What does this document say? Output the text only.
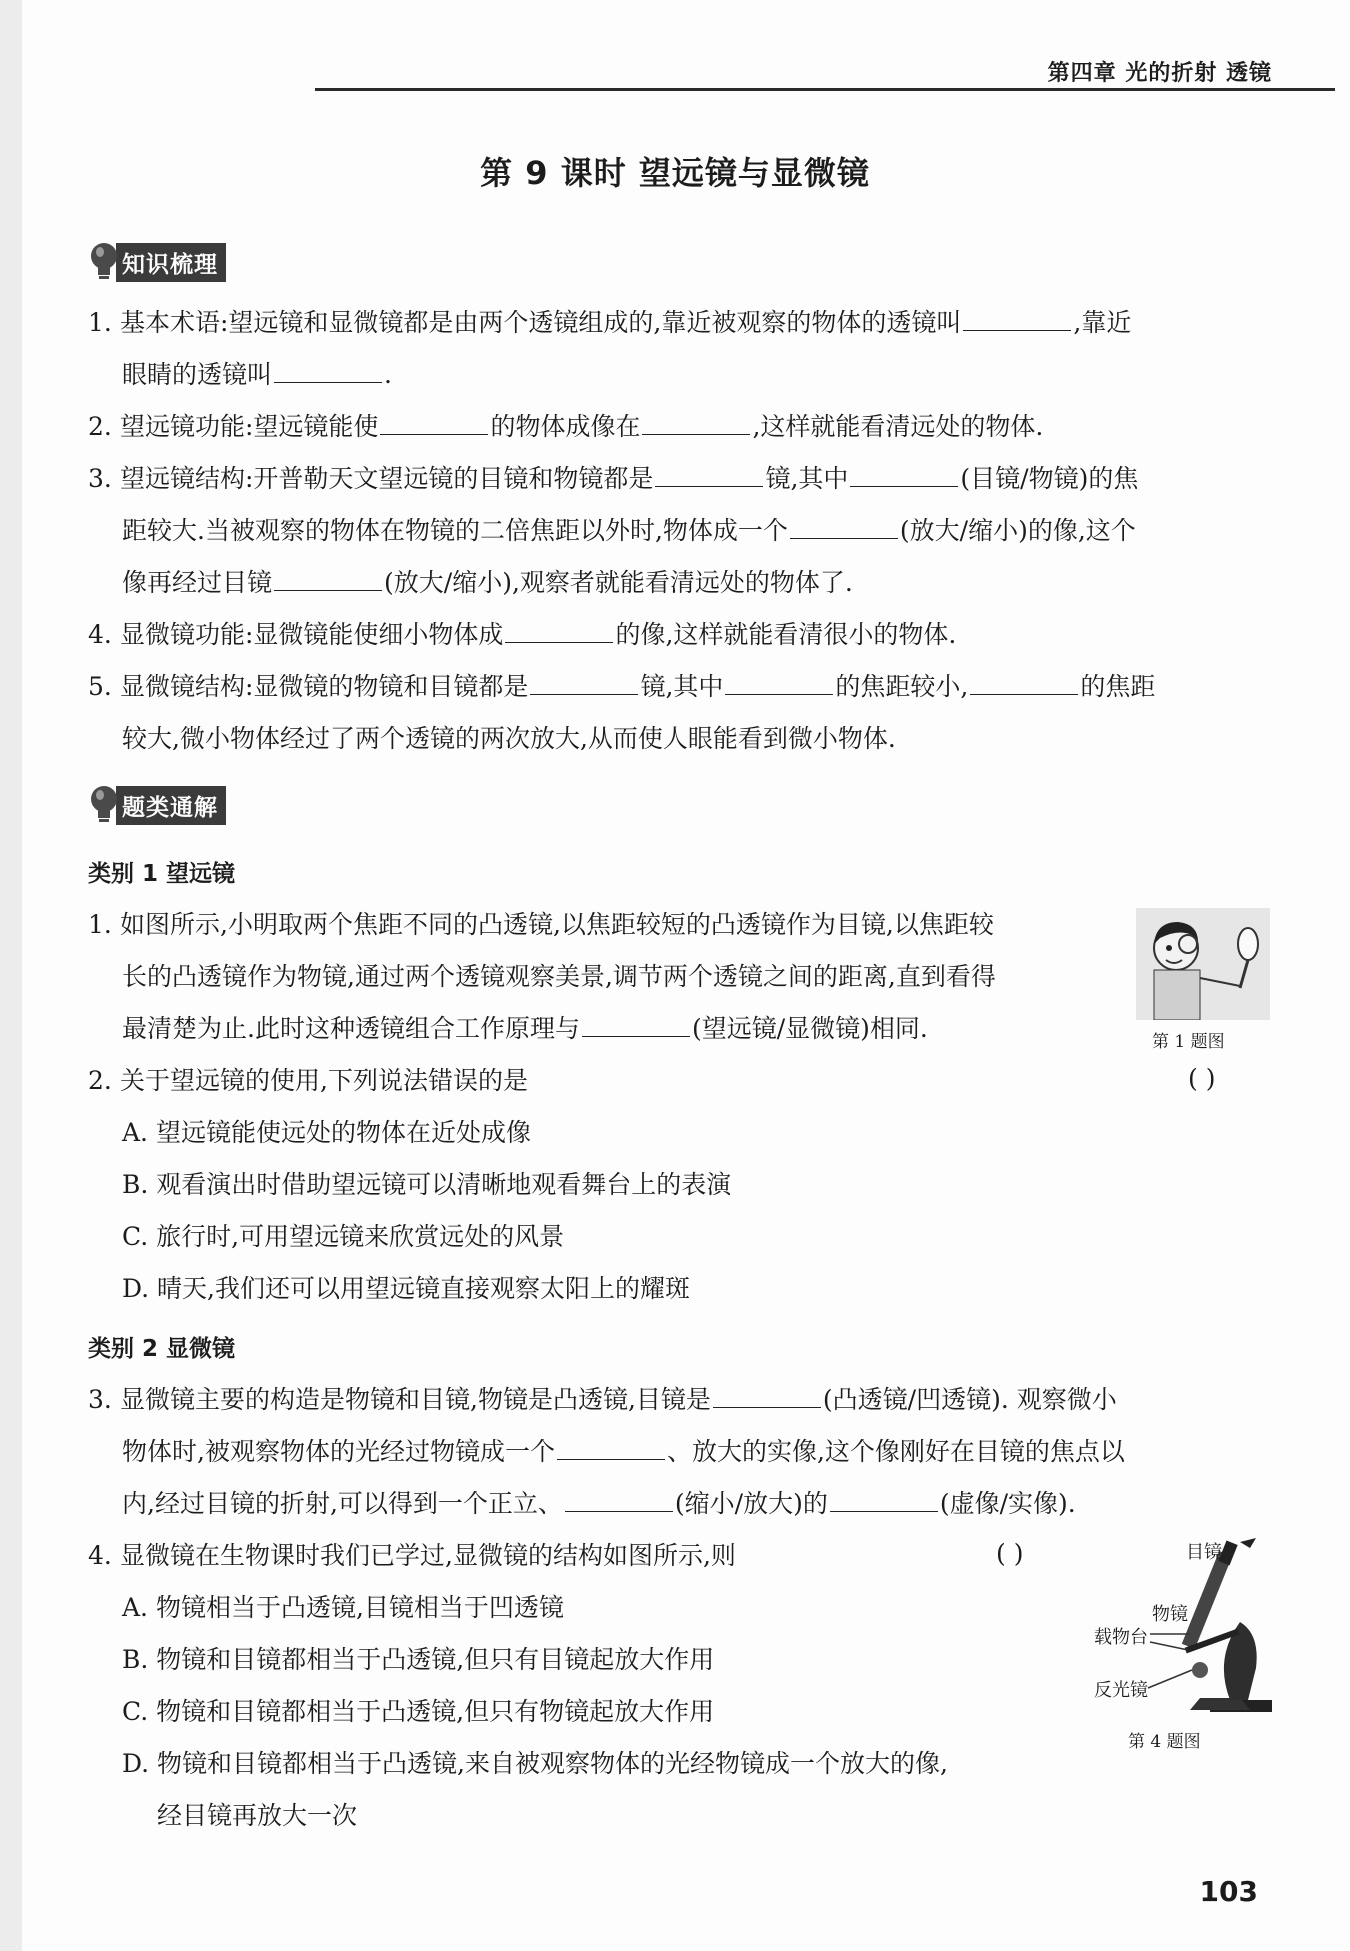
第四章 光的折射 透镜
第 9 课时 望远镜与显微镜
知识梳理
1. 基本术语:望远镜和显微镜都是由两个透镜组成的,靠近被观察的物体的透镜叫	,靠近
眼睛的透镜叫	.
2. 望远镜功能:望远镜能使	的物体成像在	,这样就能看清远处的物体.
3. 望远镜结构:开普勒天文望远镜的目镜和物镜都是	镜,其中	(目镜/物镜)的焦
距较大.当被观察的物体在物镜的二倍焦距以外时,物体成一个	(放大/缩小)的像,这个
像再经过目镜	(放大/缩小),观察者就能看清远处的物体了.
4. 显微镜功能:显微镜能使细小物体成	的像,这样就能看清很小的物体.
5. 显微镜结构:显微镜的物镜和目镜都是	镜,其中	的焦距较小,	的焦距
较大,微小物体经过了两个透镜的两次放大,从而使人眼能看到微小物体.
题类通解
类别 1 望远镜
1. 如图所示,小明取两个焦距不同的凸透镜,以焦距较短的凸透镜作为目镜,以焦距较
长的凸透镜作为物镜,通过两个透镜观察美景,调节两个透镜之间的距离,直到看得
最清楚为止.此时这种透镜组合工作原理与	(望远镜/显微镜)相同.	第 1 题图
2. 关于望远镜的使用,下列说法错误的是	( )
A. 望远镜能使远处的物体在近处成像
B. 观看演出时借助望远镜可以清晰地观看舞台上的表演
C. 旅行时,可用望远镜来欣赏远处的风景
D. 晴天,我们还可以用望远镜直接观察太阳上的耀斑
类别 2 显微镜
3. 显微镜主要的构造是物镜和目镜,物镜是凸透镜,目镜是	(凸透镜/凹透镜). 观察微小
物体时,被观察物体的光经过物镜成一个	、放大的实像,这个像刚好在目镜的焦点以
内,经过目镜的折射,可以得到一个正立、	(缩小/放大)的	(虚像/实像).
4. 显微镜在生物课时我们已学过,显微镜的结构如图所示,则	( )
A. 物镜相当于凸透镜,目镜相当于凹透镜
B. 物镜和目镜都相当于凸透镜,但只有目镜起放大作用
C. 物镜和目镜都相当于凸透镜,但只有物镜起放大作用
D. 物镜和目镜都相当于凸透镜,来自被观察物体的光经物镜成一个放大的像,
经目镜再放大一次
目镜
物镜
载物台
反光镜
第 4 题图
103
